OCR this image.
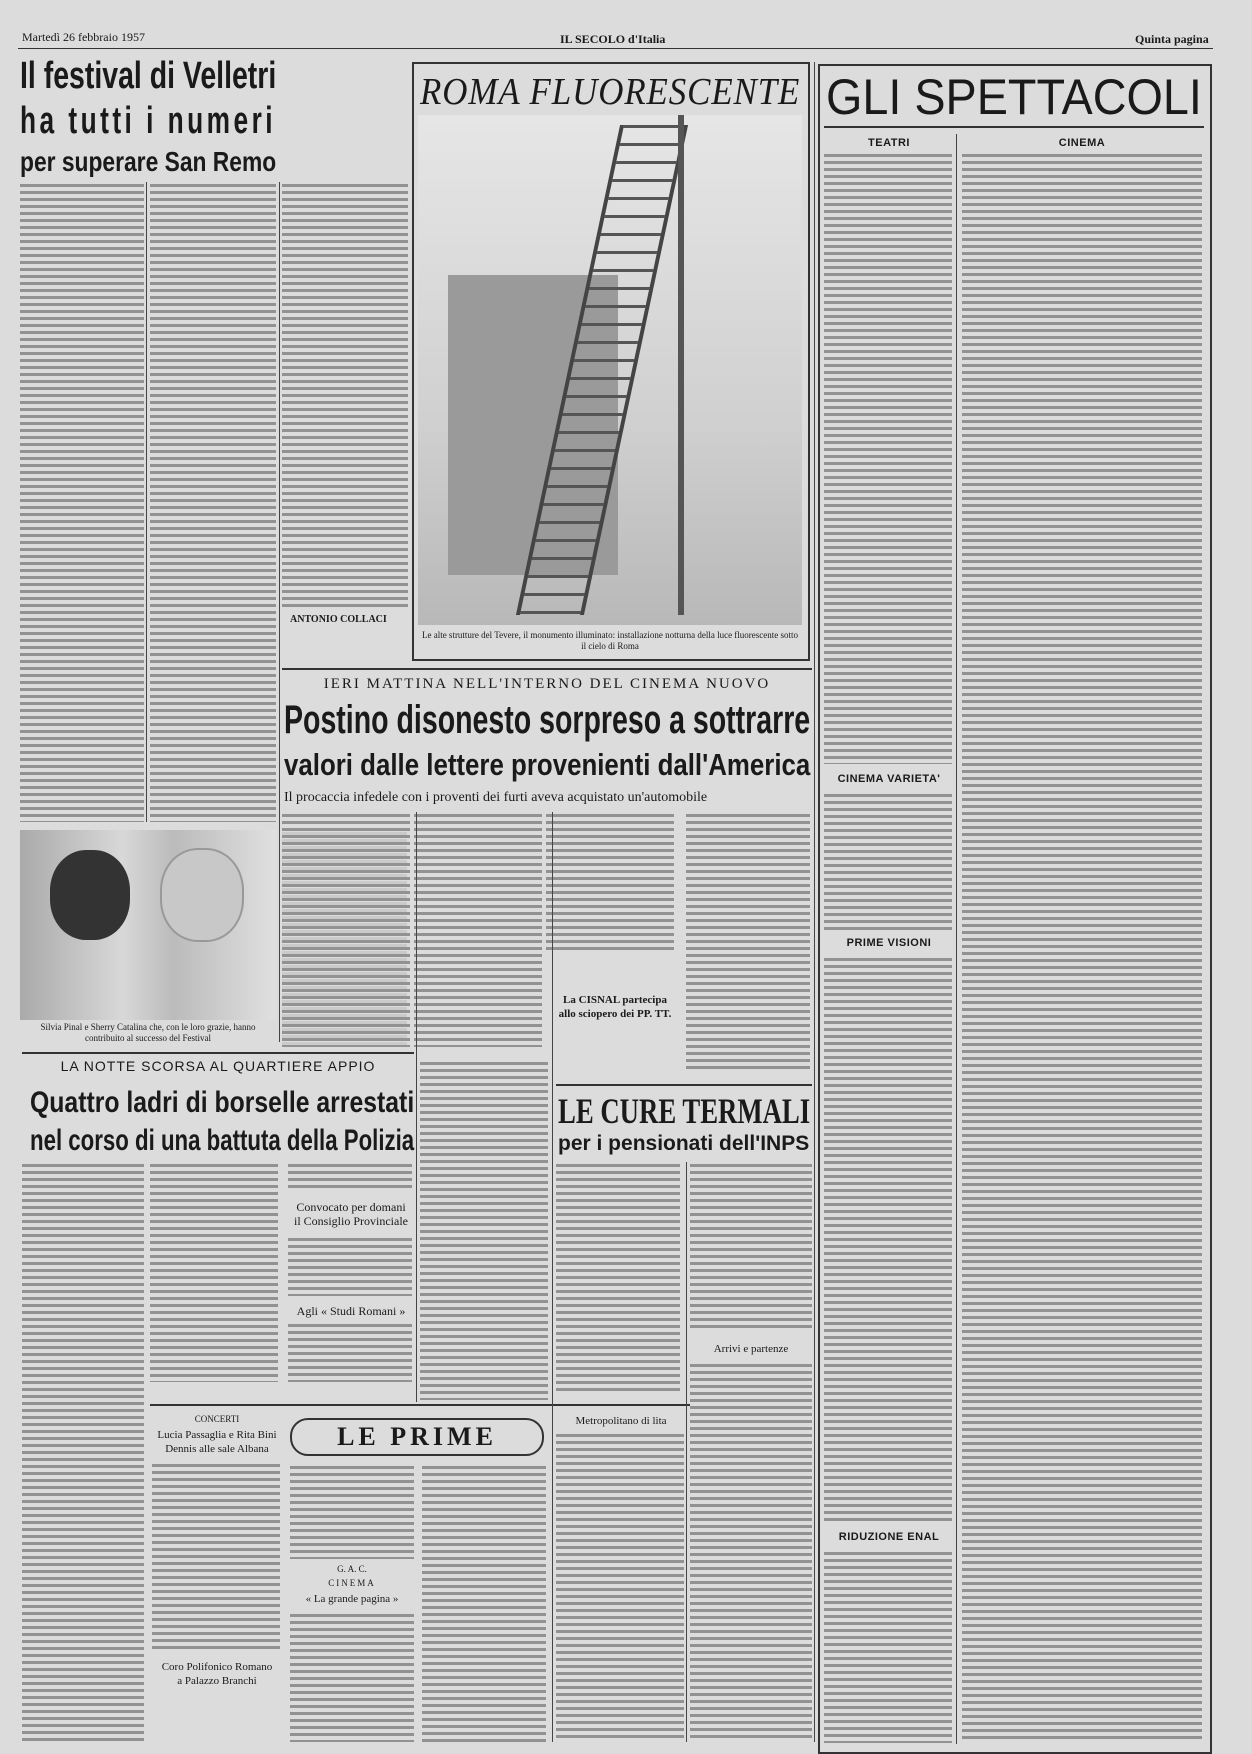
Martedì 26 febbraio 1957	IL SECOLO d'Italia	Quinta pagina
Il festival di Velletri
ha tutti i numeri
per superare San Remo
ANTONIO COLLACI
Silvia Pinal e Sherry Catalina che, con le loro grazie, hanno contribuito al successo del Festival
ROMA FLUORESCENTE
Le alte strutture del Tevere, il monumento illuminato: installazione notturna della luce fluorescente sotto il cielo di Roma
IERI MATTINA NELL'INTERNO DEL CINEMA NUOVO
Postino disonesto sorpreso a sottrarre
valori dalle lettere provenienti dall'America
Il procaccia infedele con i proventi dei furti aveva acquistato un'automobile
La CISNAL partecipa
allo sciopero dei PP. TT.
LA NOTTE SCORSA AL QUARTIERE APPIO
Quattro ladri di borselle arrestati
nel corso di una battuta della Polizia
Convocato per domani
il Consiglio Provinciale
Agli « Studi Romani »
LE CURE TERMALI
per i pensionati dell'INPS
Arrivi e partenze
CONCERTI
Lucia Passaglia e Rita Bini
Dennis alle sale Albana
Coro Polifonico Romano
a Palazzo Branchi
LE PRIME
G. A. C.
CINEMA
« La grande pagina »
Metropolitano di lita
GLI SPETTACOLI
TEATRI	CINEMA
CINEMA VARIETA'
PRIME VISIONI
RIDUZIONE ENAL
